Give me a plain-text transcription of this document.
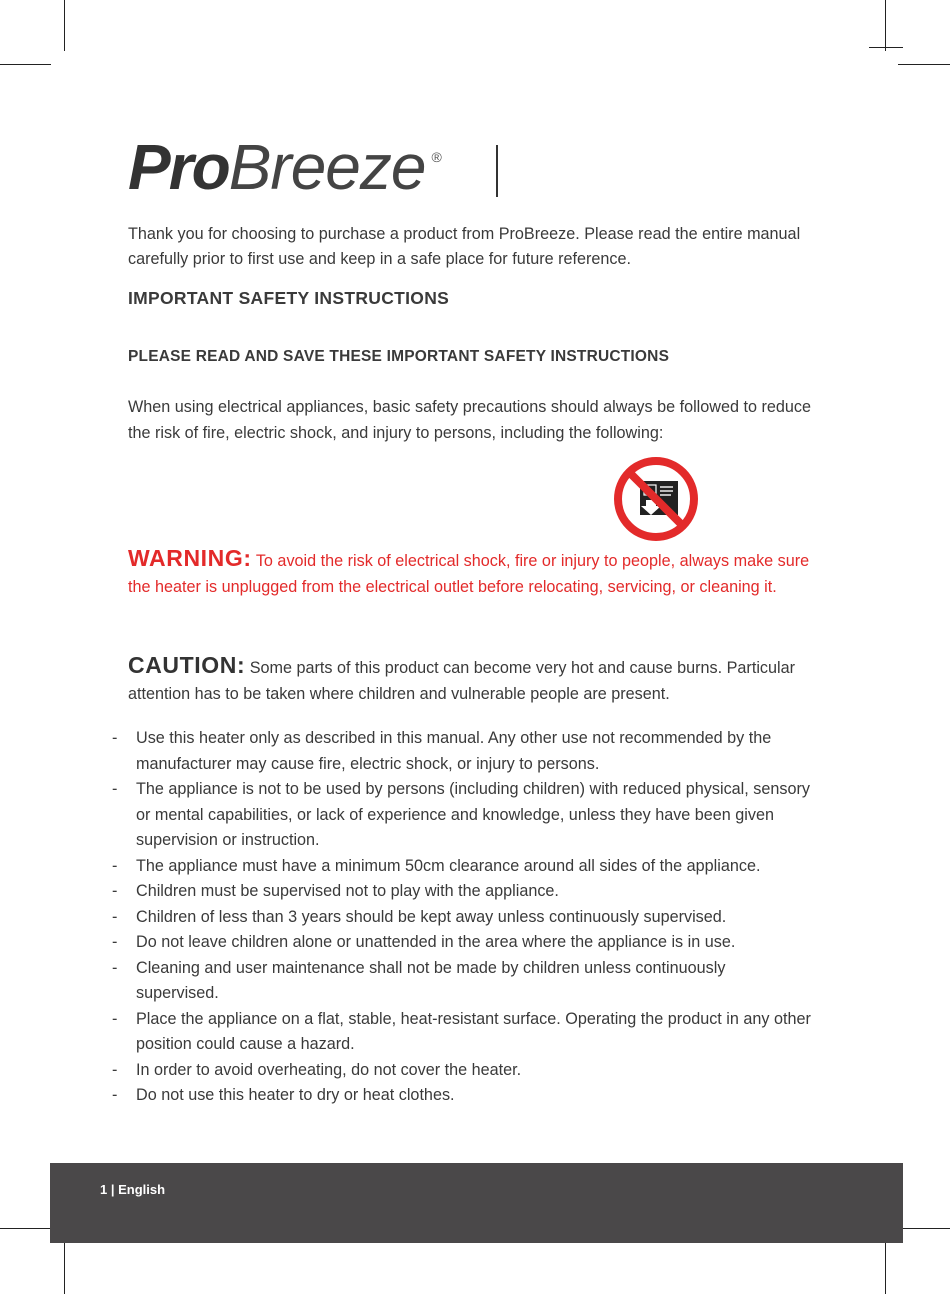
Pro Breeze ®

Thank you for choosing to purchase a product from ProBreeze. Please read the entire manual carefully prior to first use and keep in a safe place for future reference.

IMPORTANT SAFETY INSTRUCTIONS
PLEASE READ AND SAVE THESE IMPORTANT SAFETY INSTRUCTIONS

When using electrical appliances, basic safety precautions should always be followed to reduce the risk of fire, electric shock, and injury to persons, including the following:

WARNING: To avoid the risk of electrical shock, fire or injury to people, always make sure the heater is unplugged from the electrical outlet before relocating, servicing, or cleaning it.

CAUTION: Some parts of this product can become very hot and cause burns. Particular attention has to be taken where children and vulnerable people are present.

- Use this heater only as described in this manual. Any other use not recommended by the manufacturer may cause fire, electric shock, or injury to persons.
- The appliance is not to be used by persons (including children) with reduced physical, sensory or mental capabilities, or lack of experience and knowledge, unless they have been given supervision or instruction.
- The appliance must have a minimum 50cm clearance around all sides of the appliance.
- Children must be supervised not to play with the appliance.
- Children of less than 3 years should be kept away unless continuously supervised.
- Do not leave children alone or unattended in the area where the appliance is in use.
- Cleaning and user maintenance shall not be made by children unless continuously supervised.
- Place the appliance on a flat, stable, heat-resistant surface. Operating the product in any other position could cause a hazard.
- In order to avoid overheating, do not cover the heater.
- Do not use this heater to dry or heat clothes.
1 | English
